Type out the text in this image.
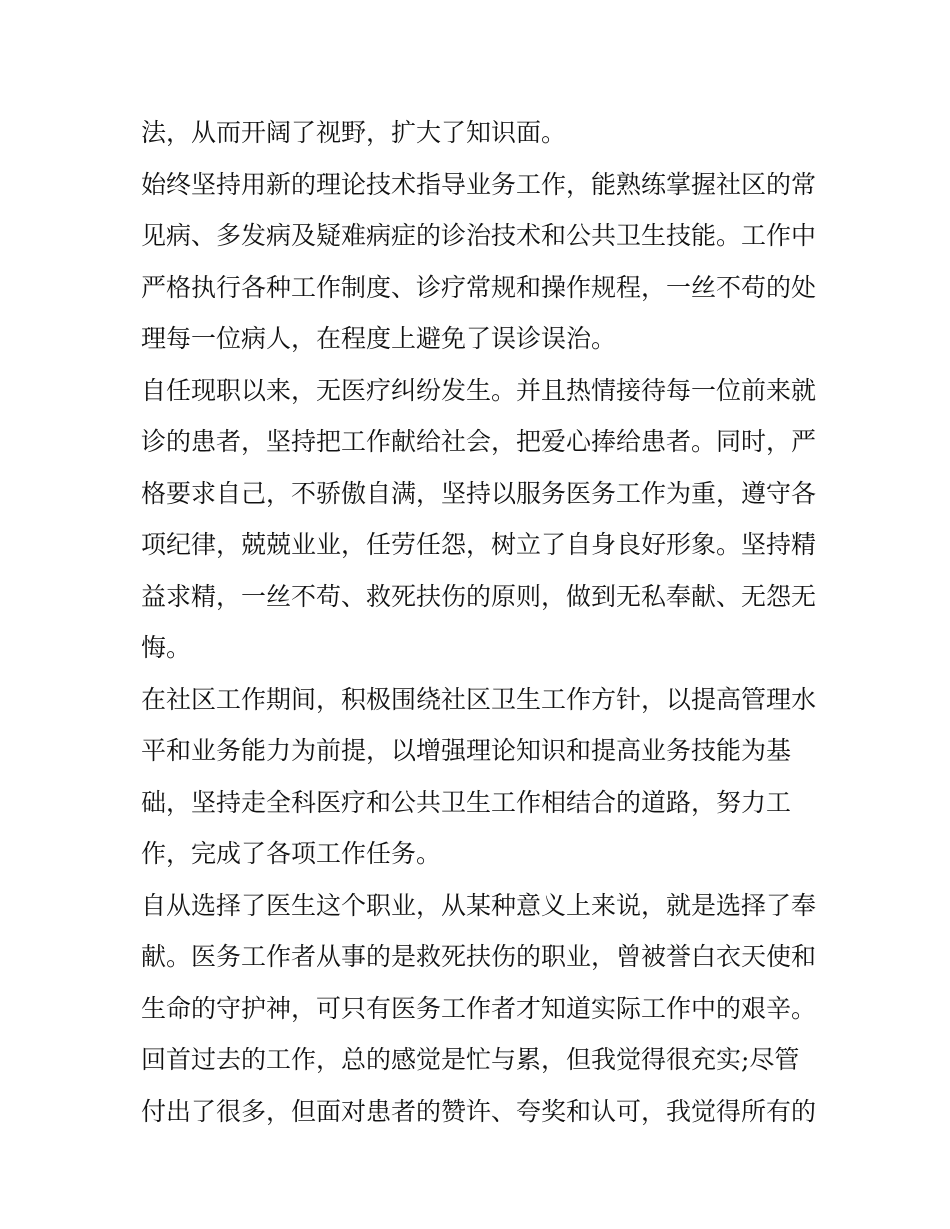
法，从而开阔了视野，扩大了知识面。

始终坚持用新的理论技术指导业务工作，能熟练掌握社区的常
见病、多发病及疑难病症的诊治技术和公共卫生技能。工作中
严格执行各种工作制度、诊疗常规和操作规程，一丝不苟的处
理每一位病人，在程度上避免了误诊误治。

自任现职以来，无医疗纠纷发生。并且热情接待每一位前来就
诊的患者，坚持把工作献给社会，把爱心捧给患者。同时，严
格要求自己，不骄傲自满，坚持以服务医务工作为重，遵守各
项纪律，兢兢业业，任劳任怨，树立了自身良好形象。坚持精
益求精，一丝不苟、救死扶伤的原则，做到无私奉献、无怨无
悔。

在社区工作期间，积极围绕社区卫生工作方针，以提高管理水
平和业务能力为前提，以增强理论知识和提高业务技能为基
础，坚持走全科医疗和公共卫生工作相结合的道路，努力工
作，完成了各项工作任务。

自从选择了医生这个职业，从某种意义上来说，就是选择了奉
献。医务工作者从事的是救死扶伤的职业，曾被誉白衣天使和
生命的守护神，可只有医务工作者才知道实际工作中的艰辛。
回首过去的工作，总的感觉是忙与累，但我觉得很充实;尽管
付出了很多，但面对患者的赞许、夸奖和认可，我觉得所有的
